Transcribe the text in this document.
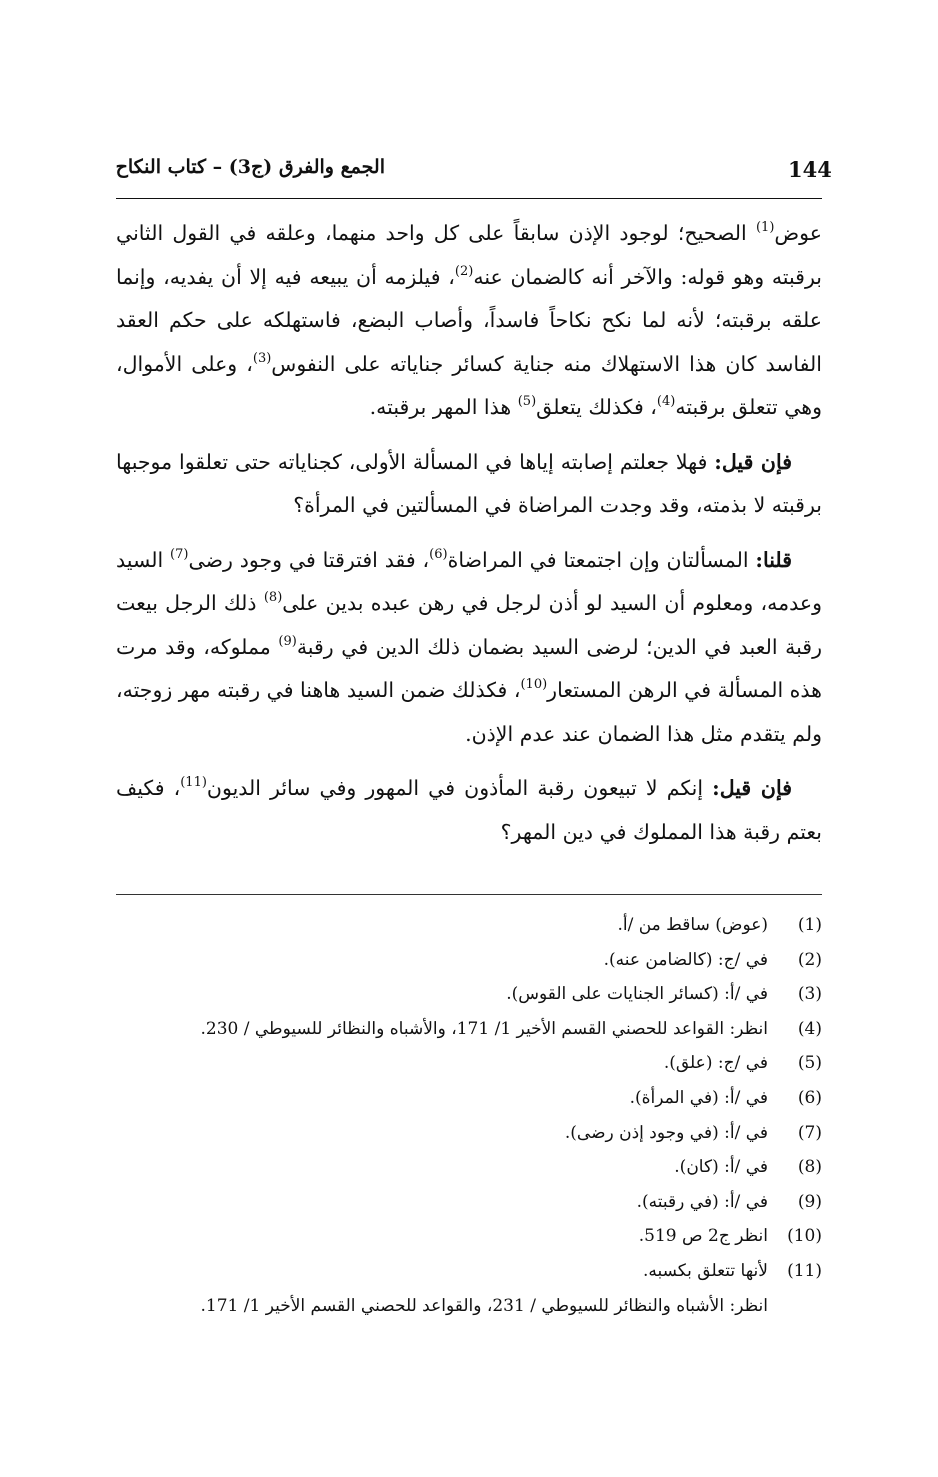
144
الجمع والفرق (ج3) – كتاب النكاح

عوض$^{(1)}$ الصحيح؛ لوجود الإذن سابقاً على كل واحد منهما، وعلقه في القول الثاني برقبته وهو قوله: والآخر أنه كالضمان عنه$^{(2)}$، فيلزمه أن يبيعه فيه إلا أن يفديه، وإنما علقه برقبته؛ لأنه لما نكح نكاحاً فاسداً، وأصاب البضع، فاستهلكه على حكم العقد الفاسد كان هذا الاستهلاك منه جناية كسائر جناياته على النفوس$^{(3)}$، وعلى الأموال، وهي تتعلق برقبته$^{(4)}$، فكذلك يتعلق$^{(5)}$ هذا المهر برقبته.

فإن قيل: فهلا جعلتم إصابته إياها في المسألة الأولى، كجناياته حتى تعلقوا موجبها برقبته لا بذمته، وقد وجدت المراضاة في المسألتين في المرأة؟

قلنا: المسألتان وإن اجتمعتا في المراضاة$^{(6)}$، فقد افترقتا في وجود رضى$^{(7)}$ السيد وعدمه، ومعلوم أن السيد لو أذن لرجل في رهن عبده بدين على$^{(8)}$ ذلك الرجل بيعت رقبة العبد في الدين؛ لرضى السيد بضمان ذلك الدين في رقبة$^{(9)}$ مملوكه، وقد مرت هذه المسألة في الرهن المستعار$^{(10)}$، فكذلك ضمن السيد هاهنا في رقبته مهر زوجته، ولم يتقدم مثل هذا الضمان عند عدم الإذن.

فإن قيل: إنكم لا تبيعون رقبة المأذون في المهور وفي سائر الديون$^{(11)}$، فكيف بعتم رقبة هذا المملوك في دين المهر؟

(1)
(عوض) ساقط من /أ.
(2)
في /ج: (كالضامن عنه).
(3)
في /أ: (كسائر الجنايات على القوس).
(4)
انظر: القواعد للحصني القسم الأخير 1/ 171، والأشباه والنظائر للسيوطي / 230.
(5)
في /ج: (علق).
(6)
في /أ: (في المرأة).
(7)
في /أ: (في وجود إذن رضى).
(8)
في /أ: (كان).
(9)
في /أ: (في رقبته).
(10)
انظر ج2 ص 519.
(11)
لأنها تتعلق بكسبه.
انظر: الأشباه والنظائر للسيوطي / 231، والقواعد للحصني القسم الأخير 1/ 171.
